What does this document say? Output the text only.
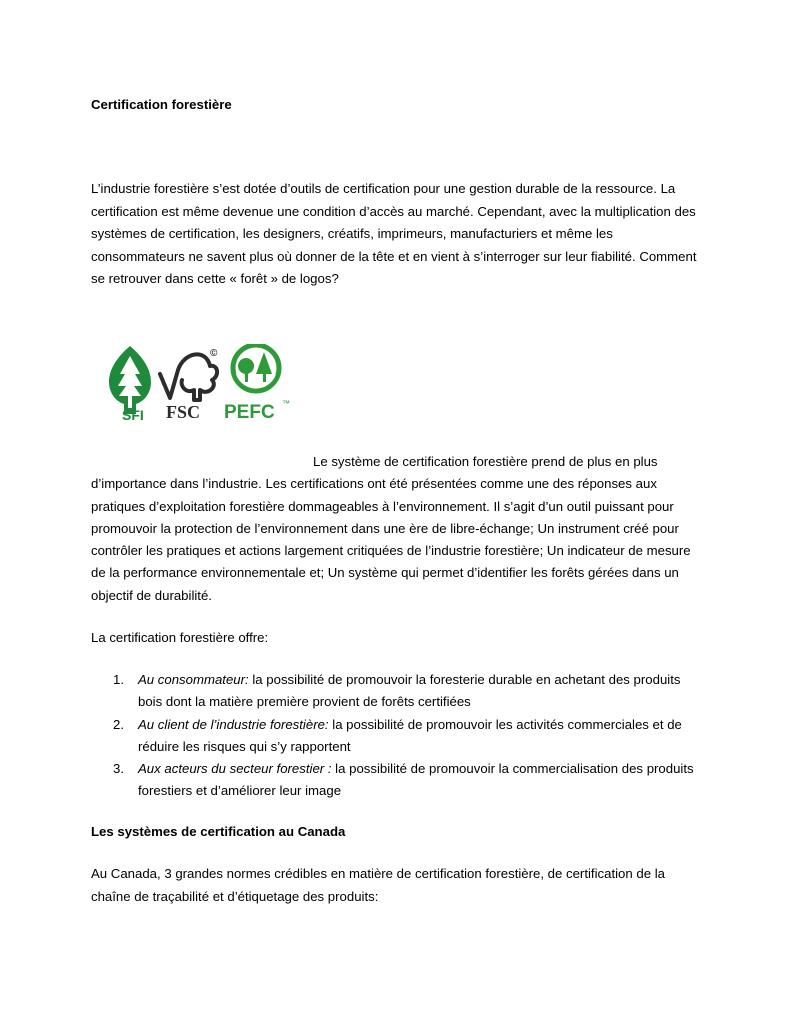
Certification forestière
L’industrie forestière s’est dotée d’outils de certification pour une gestion durable de la ressource. La certification est même devenue une condition d’accès au marché. Cependant, avec la multiplication des systèmes de certification, les designers, créatifs, imprimeurs, manufacturiers et même les consommateurs ne savent plus où donner de la tête et en vient à s’interroger sur leur fiabilité. Comment se retrouver dans cette « forêt » de logos?
Le système de certification forestière prend de plus en plus d’importance dans l’industrie. Les certifications ont été présentées comme une des réponses aux pratiques d’exploitation forestière dommageables à l’environnement. Il s’agit d’un outil puissant pour promouvoir la protection de l’environnement dans une ère de libre-échange; Un instrument créé pour contrôler les pratiques et actions largement critiquées de l’industrie forestière; Un indicateur de mesure de la performance environnementale et; Un système qui permet d’identifier les forêts gérées dans un objectif de durabilité.
La certification forestière offre:
1. Au consommateur: la possibilité de promouvoir la foresterie durable en achetant des produits bois dont la matière première provient de forêts certifiées
2. Au client de l’industrie forestière: la possibilité de promouvoir les activités commerciales et de réduire les risques qui s’y rapportent
3. Aux acteurs du secteur forestier : la possibilité de promouvoir la commercialisation des produits forestiers et d’améliorer leur image
Les systèmes de certification au Canada
Au Canada, 3 grandes normes crédibles en matière de certification forestière, de certification de la chaîne de traçabilité et d’étiquetage des produits:
SFI
©
FSC PEFC ™
